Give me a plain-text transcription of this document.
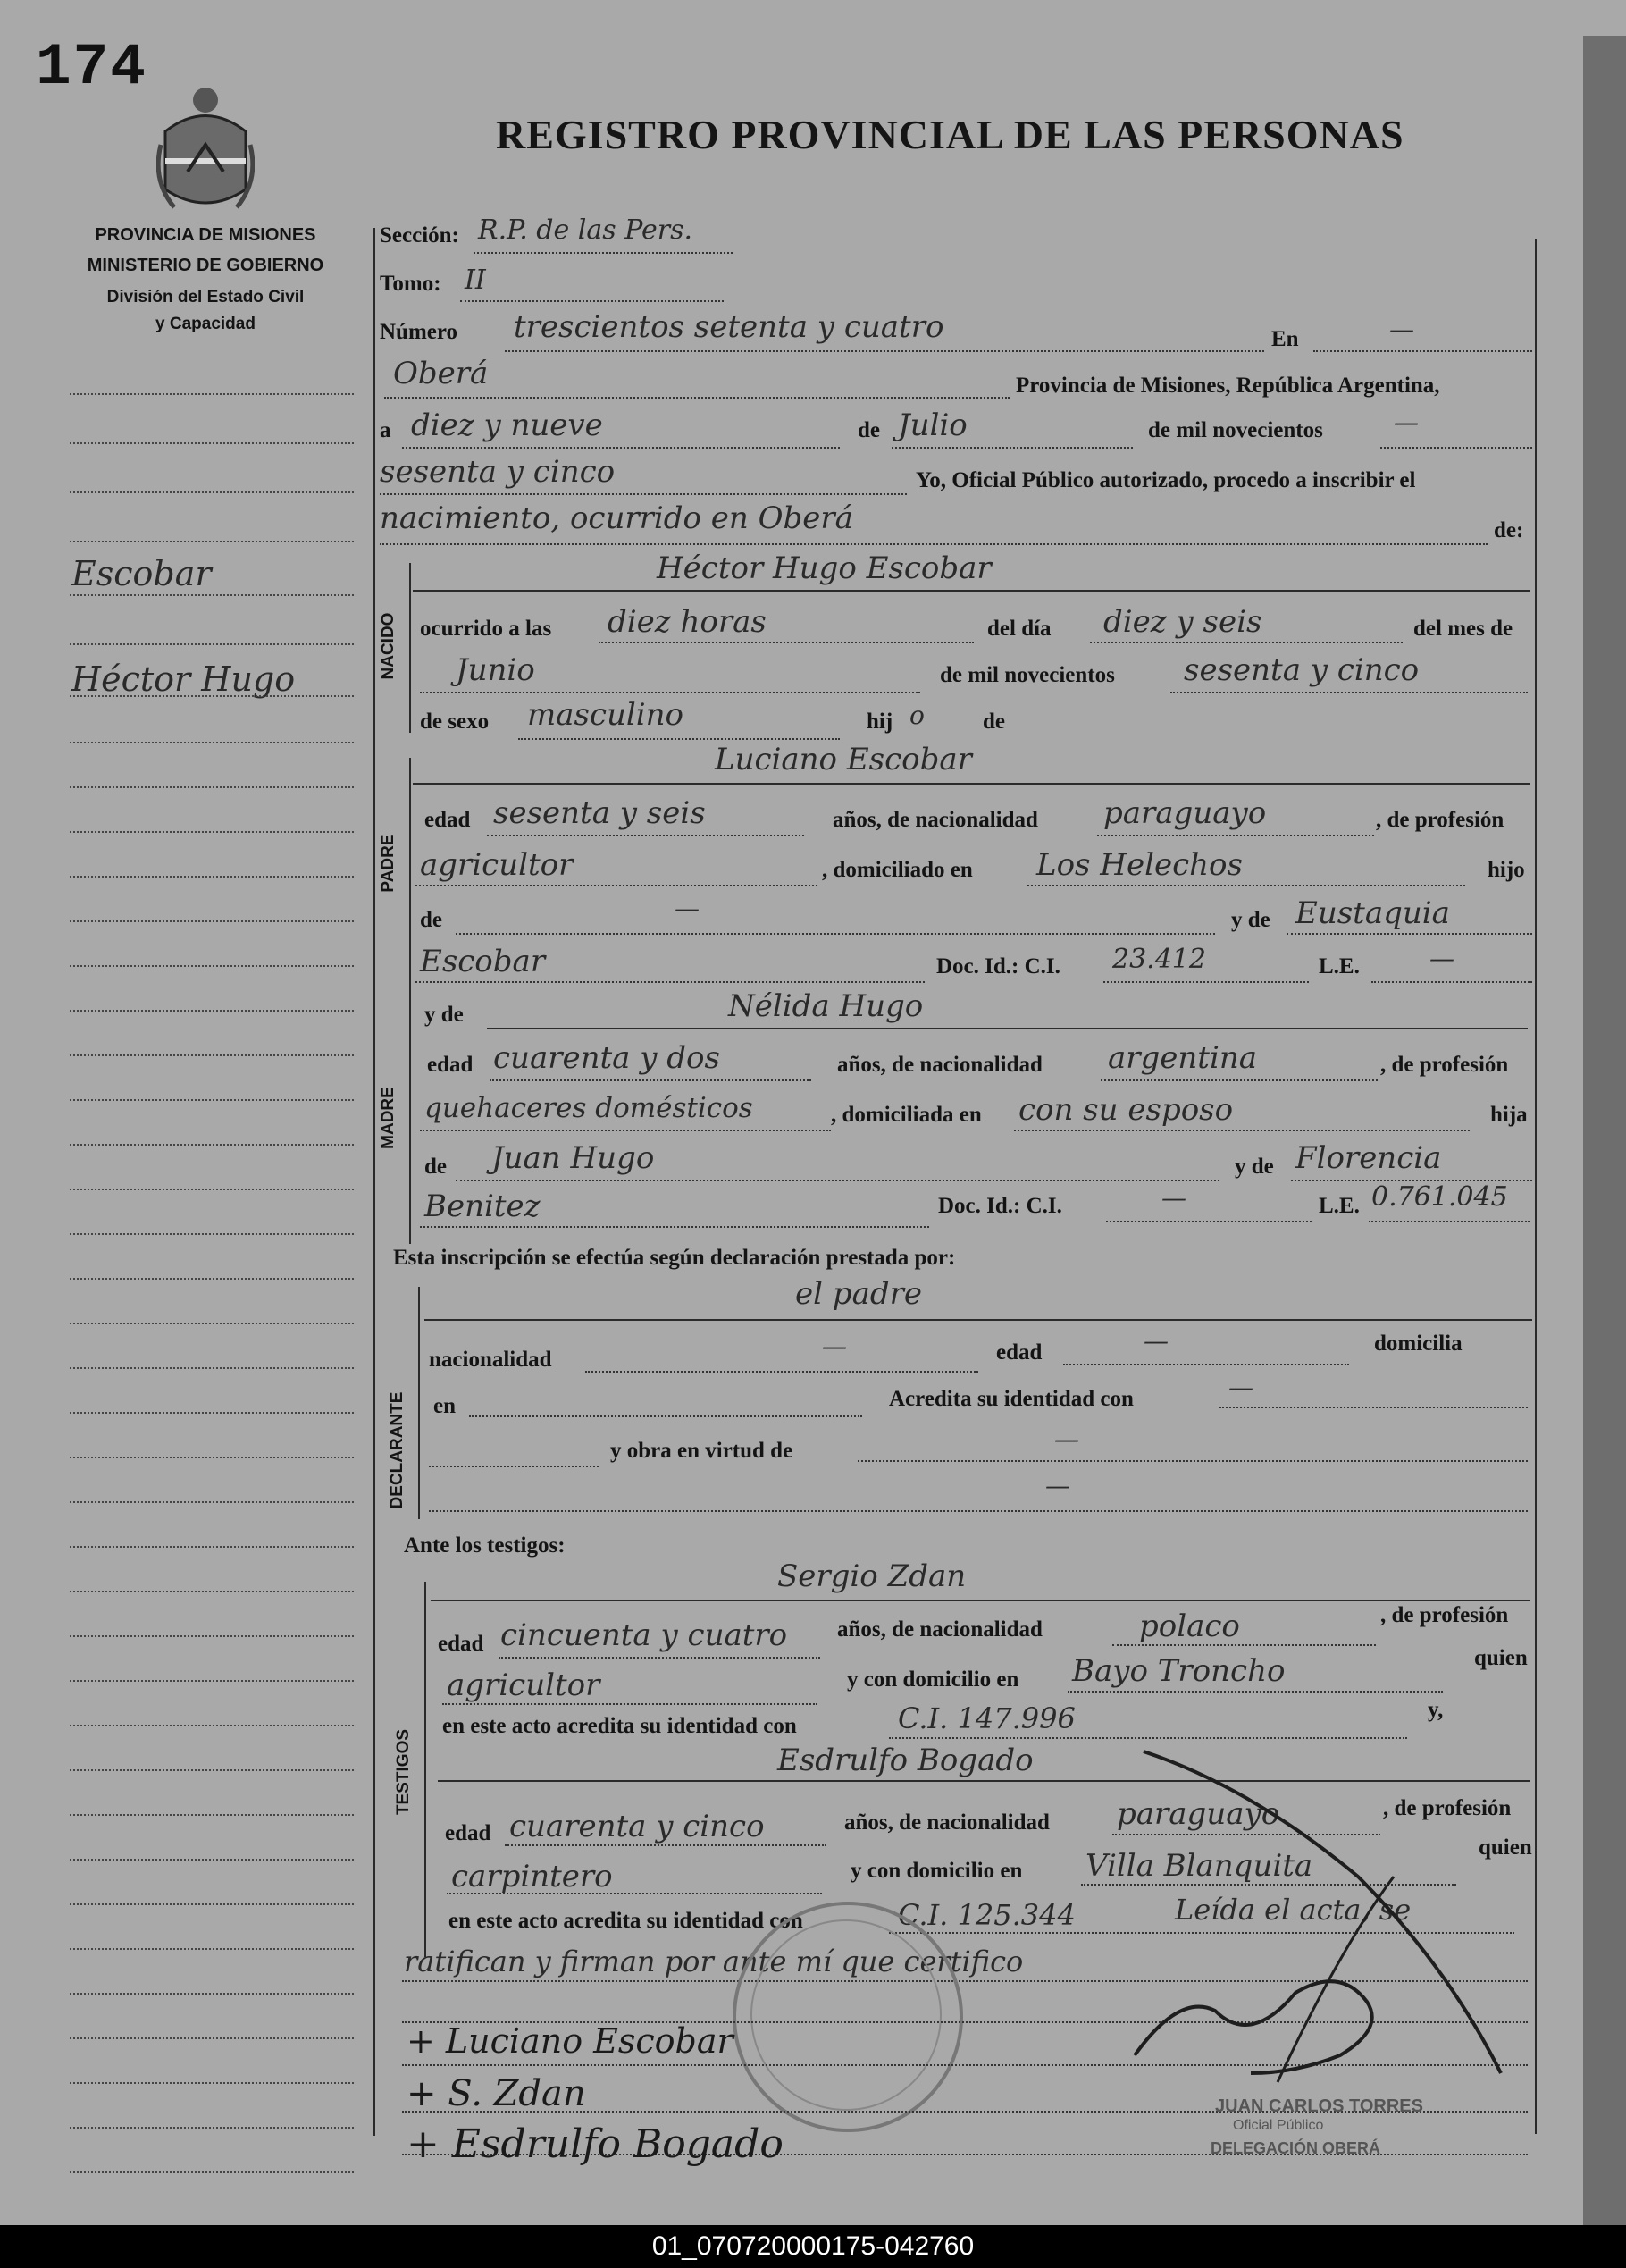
174
REGISTRO PROVINCIAL DE LAS PERSONAS
PROVINCIA DE MISIONES
MINISTERIO DE GOBIERNO
División del Estado Civil
y Capacidad
Escobar
Héctor Hugo
Sección: R.P. de las Pers.
Tomo: II
Número trescientos setenta y cuatro	En	—
Oberá	Provincia de Misiones, República Argentina,
a diez y nueve	de Julio	de mil novecientos	—
sesenta y cinco	Yo, Oficial Público autorizado, procedo a inscribir el
nacimiento, ocurrido en Oberá	de:
NACIDO
Héctor Hugo Escobar
ocurrido a las diez horas	del día diez y seis	del mes de
Junio	de mil novecientos sesenta y cinco
de sexo masculino	hij o	de
Luciano Escobar
PADRE
edad sesenta y seis	años, de nacionalidad paraguayo	, de profesión
agricultor	, domiciliado en Los Helechos	hijo
de	—	y de Eustaquia
Escobar	Doc. Id.: C.I. 23.412	L.E.	—
MADRE
y de	Nélida Hugo
edad cuarenta y dos	años, de nacionalidad argentina	, de profesión
quehaceres domésticos	, domiciliada en con su esposo	hija
de Juan Hugo	y de Florencia
Benitez	Doc. Id.: C.I.	—	L.E. 0.761.045
Esta inscripción se efectúa según declaración prestada por:
DECLARANTE
el padre
nacionalidad	—	edad	—	domicilia
en	Acredita su identidad con	—
y obra en virtud de	—
—
Ante los testigos:
TESTIGOS
Sergio Zdan
edad cincuenta y cuatro años, de nacionalidad	polaco	, de profesión
agricultor	y con domicilio en Bayo Troncho	quien
en este acto acredita su identidad con	C.I. 147.996	y,
Esdrulfo Bogado
edad cuarenta y cinco	años, de nacionalidad paraguayo	, de profesión
carpintero	y con domicilio en Villa Blanquita
quien
en este acto acredita su identidad con	C.I. 125.344	Leída el acta, se
ratifican y firman por ante mí que certifico
+ Luciano Escobar
+ S. Zdan
+ Esdrulfo Bogado
JUAN CARLOS TORRES
Oficial Público
DELEGACIÓN OBERÁ
01_070720000175-042760
